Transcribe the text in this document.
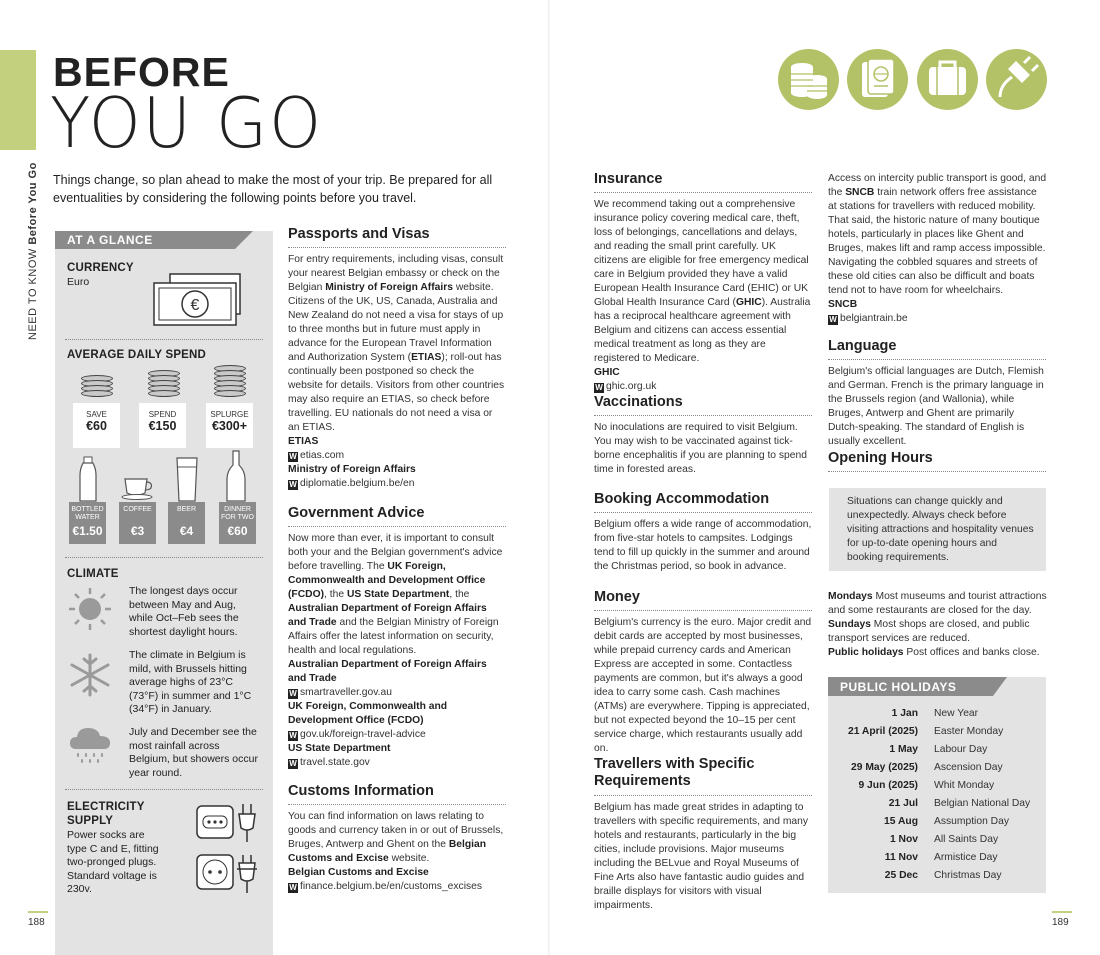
NEED TO KNOW Before You Go
BEFORE
YOU GO
Things change, so plan ahead to make the most of your trip. Be prepared for all eventualities by considering the following points before you travel.
AT A GLANCE
CURRENCY
Euro
€
AVERAGE DAILY SPEND
SAVE
€60
SPEND
€150
SPLURGE
€300+
BOTTLED WATER
€1.50
COFFEE
€3
BEER
€4
DINNER FOR TWO
€60
CLIMATE
The longest days occur between May and Aug, while Oct–Feb sees the shortest daylight hours.
The climate in Belgium is mild, with Brussels hitting average highs of 23°C (73°F) in summer and 1°C (34°F) in January.
July and December see the most rainfall across Belgium, but showers occur year round.
ELECTRICITY SUPPLY
Power socks are type C and E, fitting two-pronged plugs. Standard voltage is 230v.
Passports and Visas
For entry requirements, including visas, consult your nearest Belgian embassy or check on the Belgian Ministry of Foreign Affairs website. Citizens of the UK, US, Canada, Australia and New Zealand do not need a visa for stays of up to three months but in future must apply in advance for the European Travel Information and Authorization System (ETIAS); roll-out has continually been postponed so check the website for details. Visitors from other countries may also require an ETIAS, so check before travelling. EU nationals do not need a visa or an ETIAS.
ETIAS
W etias.com
Ministry of Foreign Affairs
W diplomatie.belgium.be/en
Government Advice
Now more than ever, it is important to consult both your and the Belgian government's advice before travelling. The UK Foreign, Commonwealth and Development Office (FCDO), the US State Department, the Australian Department of Foreign Affairs and Trade and the Belgian Ministry of Foreign Affairs offer the latest information on security, health and local regulations.
Australian Department of Foreign Affairs and Trade
W smartraveller.gov.au
UK Foreign, Commonwealth and Development Office (FCDO)
W gov.uk/foreign-travel-advice
US State Department
W travel.state.gov
Customs Information
You can find information on laws relating to goods and currency taken in or out of Brussels, Bruges, Antwerp and Ghent on the Belgian Customs and Excise website.
Belgian Customs and Excise
W finance.belgium.be/en/customs_excises
188
Insurance
We recommend taking out a comprehensive insurance policy covering medical care, theft, loss of belongings, cancellations and delays, and reading the small print carefully. UK citizens are eligible for free emergency medical care in Belgium provided they have a valid European Health Insurance Card (EHIC) or UK Global Health Insurance Card (GHIC). Australia has a reciprocal healthcare agreement with Belgium and citizens can access essential medical treatment as long as they are registered to Medicare.
GHIC
W ghic.org.uk
Vaccinations
No inoculations are required to visit Belgium. You may wish to be vaccinated against tick-borne encephalitis if you are planning to spend time in forested areas.
Booking Accommodation
Belgium offers a wide range of accommodation, from five-star hotels to campsites. Lodgings tend to fill up quickly in the summer and around the Christmas period, so book in advance.
Money
Belgium's currency is the euro. Major credit and debit cards are accepted by most businesses, while prepaid currency cards and American Express are accepted in some. Contactless payments are common, but it's always a good idea to carry some cash. Cash machines (ATMs) are everywhere. Tipping is appreciated, but not expected beyond the 10–15 per cent service charge, which restaurants usually add on.
Travellers with Specific Requirements
Belgium has made great strides in adapting to travellers with specific requirements, and many hotels and restaurants, particularly in the big cities, include provisions. Major museums including the BELvue and Royal Museums of Fine Arts also have fantastic audio guides and braille displays for visitors with visual impairments.
Access on intercity public transport is good, and the SNCB train network offers free assistance at stations for travellers with reduced mobility. That said, the historic nature of many boutique hotels, particularly in places like Ghent and Bruges, makes lift and ramp access impossible. Navigating the cobbled squares and streets of these old cities can also be difficult and boats tend not to have room for wheelchairs.
SNCB
W belgiantrain.be
Language
Belgium's official languages are Dutch, Flemish and German. French is the primary language in the Brussels region (and Wallonia), while Bruges, Antwerp and Ghent are primarily Dutch-speaking. The standard of English is usually excellent.
Opening Hours
Situations can change quickly and unexpectedly. Always check before visiting attractions and hospitality venues for up-to-date opening hours and booking requirements.
Mondays Most museums and tourist attractions and some restaurants are closed for the day.
Sundays Most shops are closed, and public transport services are reduced.
Public holidays Post offices and banks close.
PUBLIC HOLIDAYS
1 Jan New Year
21 April (2025) Easter Monday
1 May Labour Day
29 May (2025) Ascension Day
9 Jun (2025) Whit Monday
21 Jul Belgian National Day
15 Aug Assumption Day
1 Nov All Saints Day
11 Nov Armistice Day
25 Dec Christmas Day
189
